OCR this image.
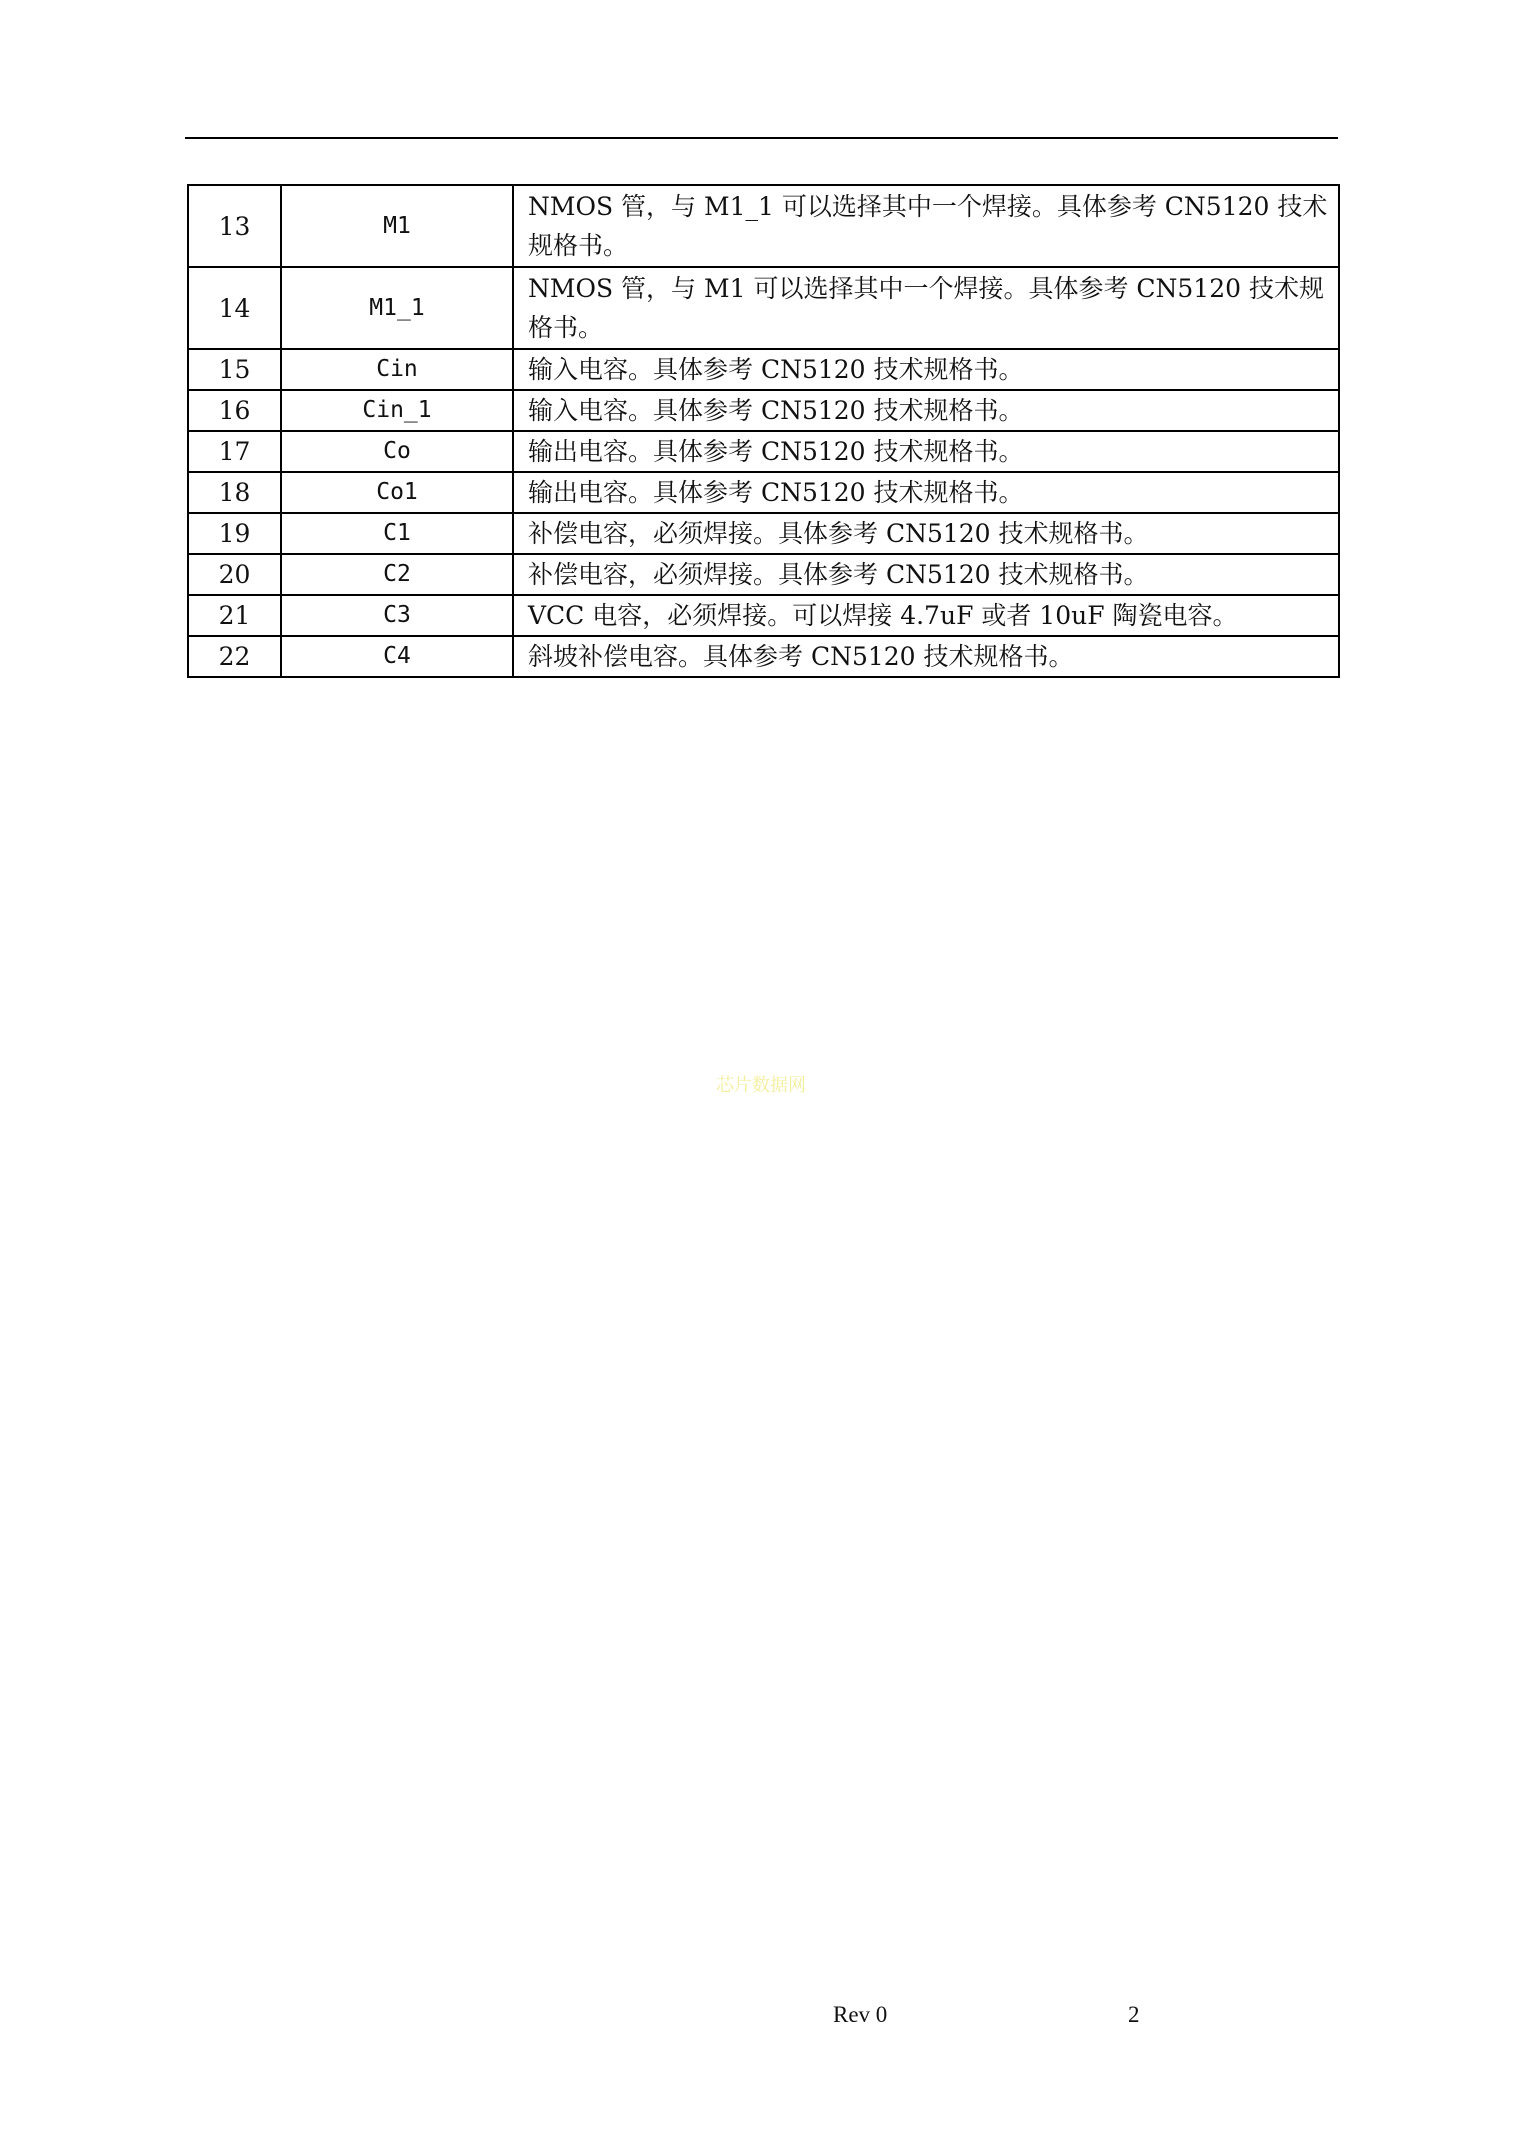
13	M1	NMOS 管，与 M1_1 可以选择其中一个焊接。具体参考 CN5120 技术规格书。
14	M1_1	NMOS 管，与 M1 可以选择其中一个焊接。具体参考 CN5120 技术规格书。
15	Cin	输入电容。具体参考 CN5120 技术规格书。
16	Cin_1	输入电容。具体参考 CN5120 技术规格书。
17	Co	输出电容。具体参考 CN5120 技术规格书。
18	Co1	输出电容。具体参考 CN5120 技术规格书。
19	C1	补偿电容，必须焊接。具体参考 CN5120 技术规格书。
20	C2	补偿电容，必须焊接。具体参考 CN5120 技术规格书。
21	C3	VCC 电容，必须焊接。可以焊接 4.7uF 或者 10uF 陶瓷电容。
22	C4	斜坡补偿电容。具体参考 CN5120 技术规格书。
芯片数据网
Rev 0	2
